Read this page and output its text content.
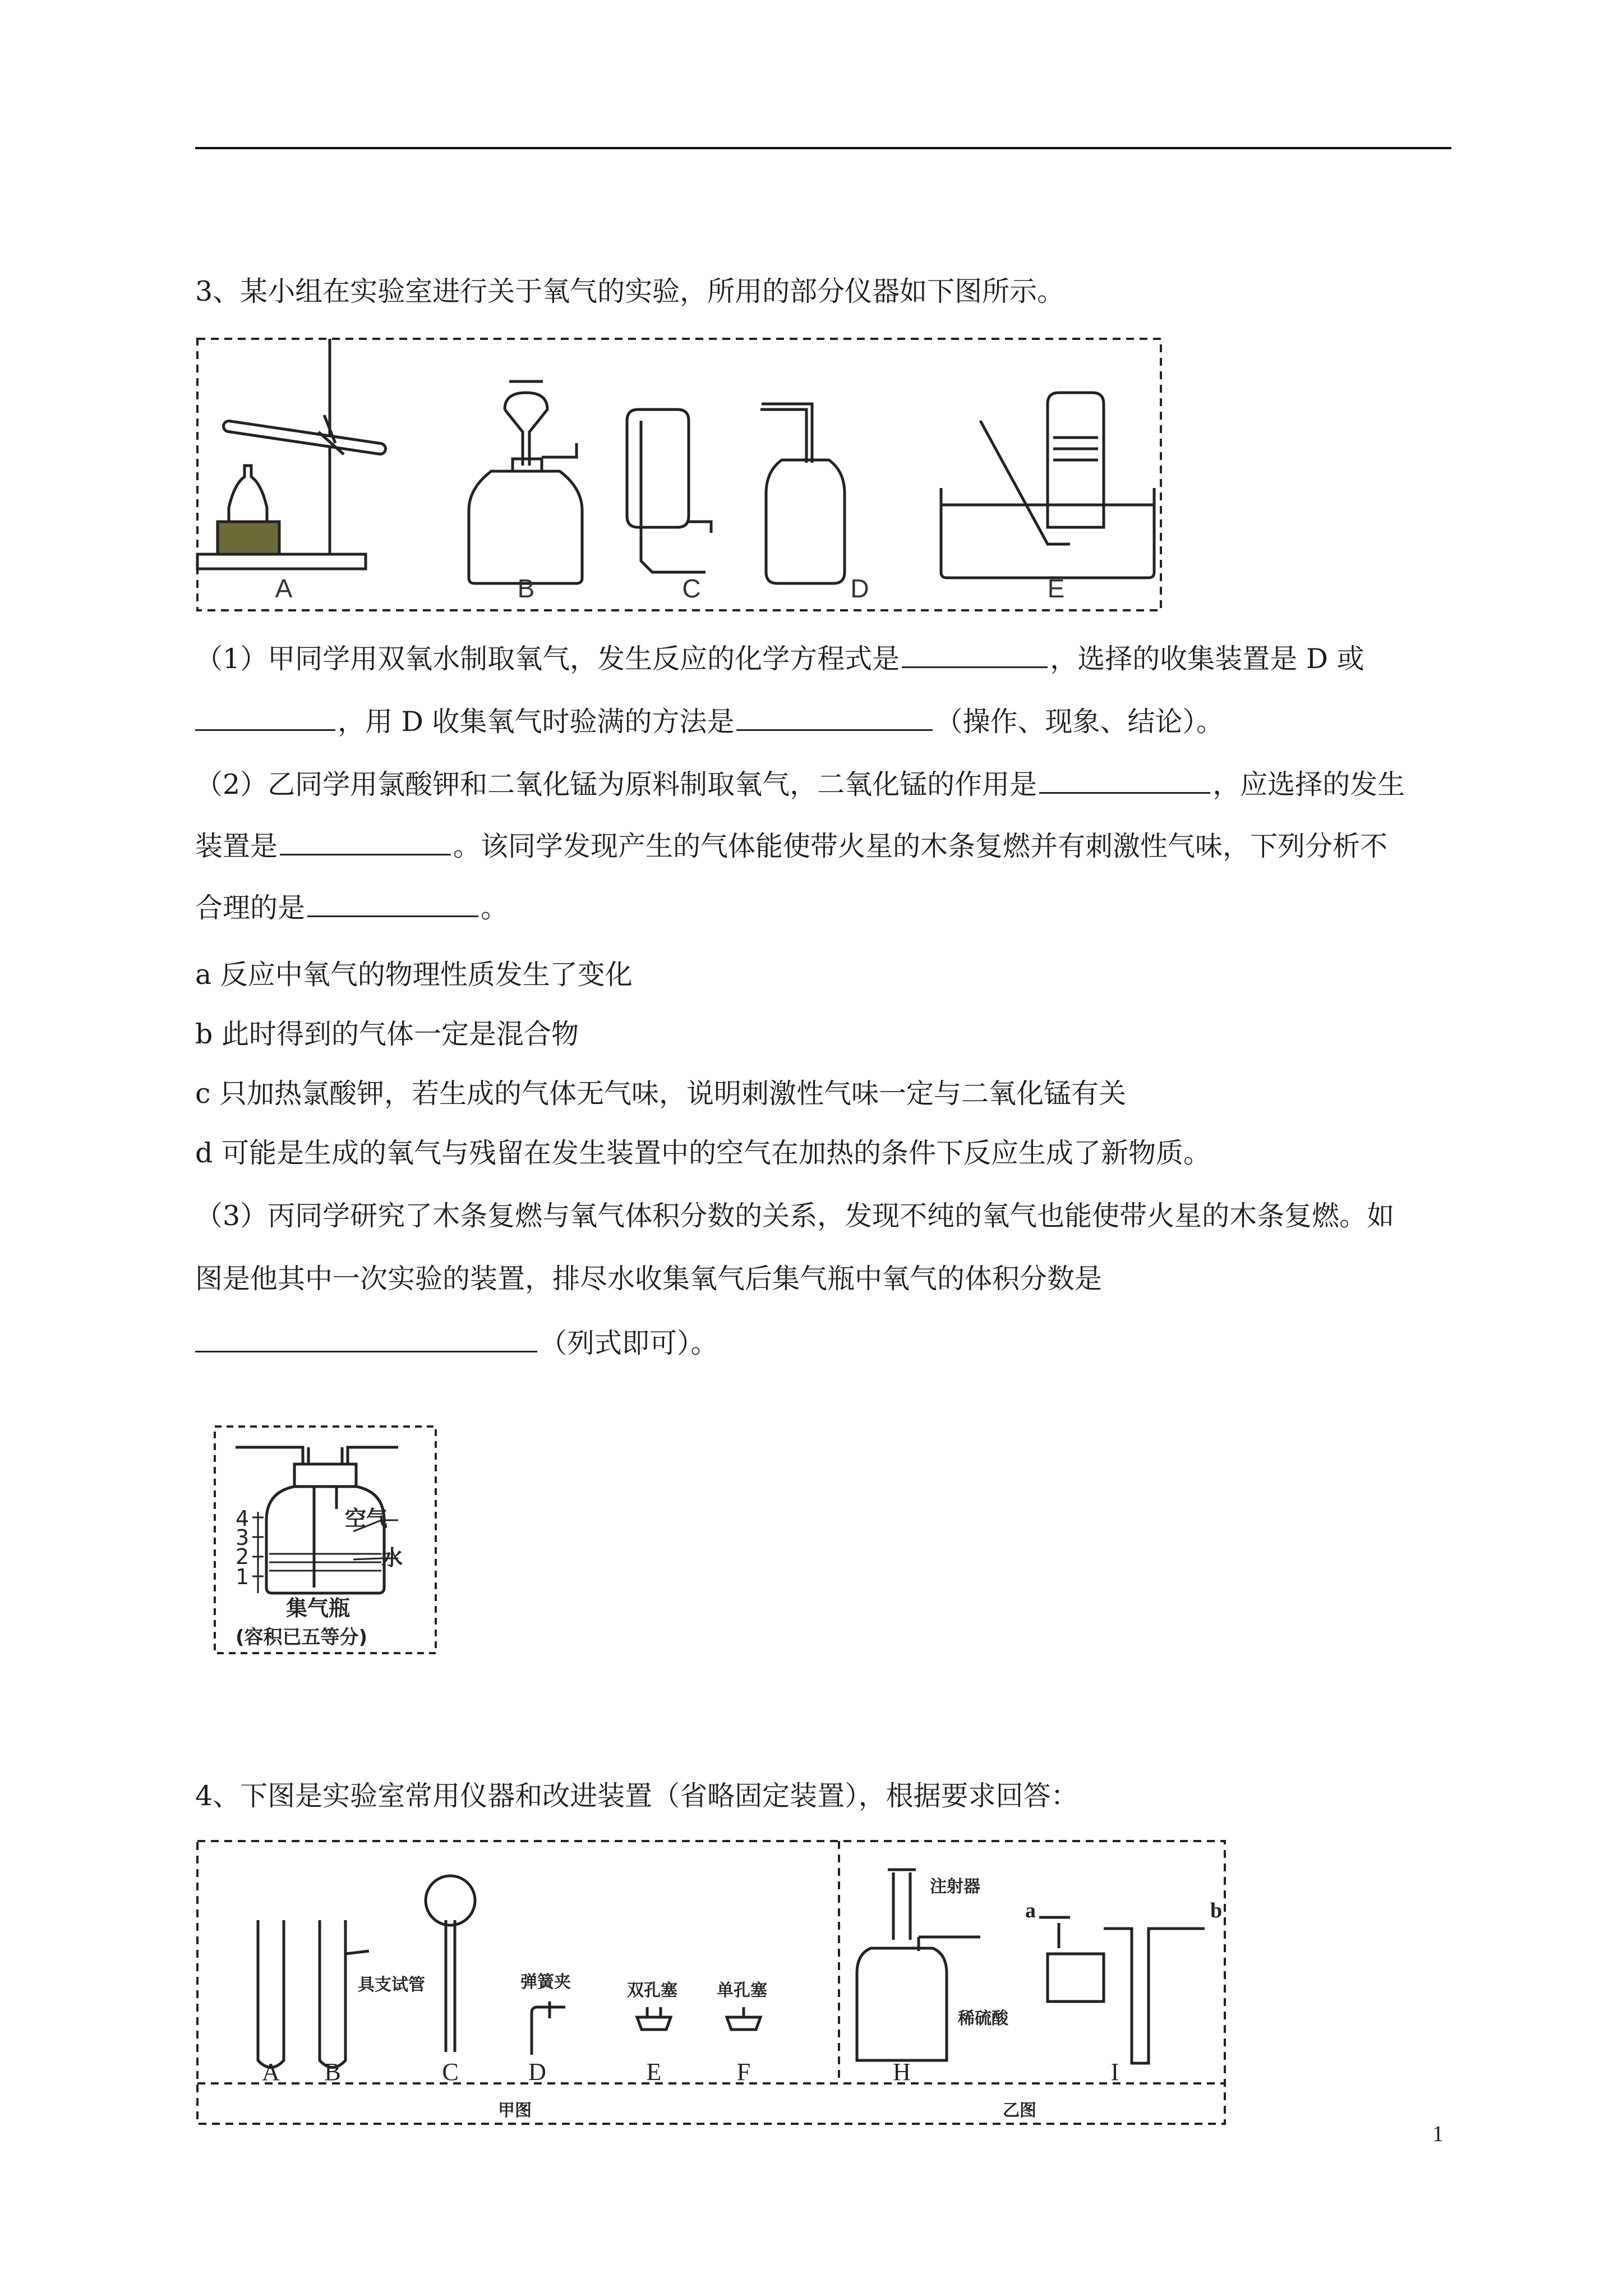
3、某小组在实验室进行关于氧气的实验，所用的部分仪器如下图所示。
A	B	C	D	E
（1）甲同学用双氧水制取氧气，发生反应的化学方程式是	，选择的收集装置是 D 或
，用 D 收集氧气时验满的方法是	（操作、现象、结论）。
（2）乙同学用氯酸钾和二氧化锰为原料制取氧气，二氧化锰的作用是	，应选择的发生
装置是	。该同学发现产生的气体能使带火星的木条复燃并有刺激性气味，下列分析不
合理的是	。
a 反应中氧气的物理性质发生了变化
b 此时得到的气体一定是混合物
c 只加热氯酸钾，若生成的气体无气味，说明刺激性气味一定与二氧化锰有关
d 可能是生成的氧气与残留在发生装置中的空气在加热的条件下反应生成了新物质。
（3）丙同学研究了木条复燃与氧气体积分数的关系，发现不纯的氧气也能使带火星的木条复燃。如
图是他其中一次实验的装置，排尽水收集氧气后集气瓶中氧气的体积分数是
（列式即可）。
4
3
2
1
空气
水
集气瓶
(容积已五等分)
4、下图是实验室常用仪器和改进装置（省略固定装置），根据要求回答：
A B	C	D	E	F	H	I
具支试管	弹簧夹	双孔塞 单孔塞
注射器
稀硫酸
a	b
甲图	乙图
1
